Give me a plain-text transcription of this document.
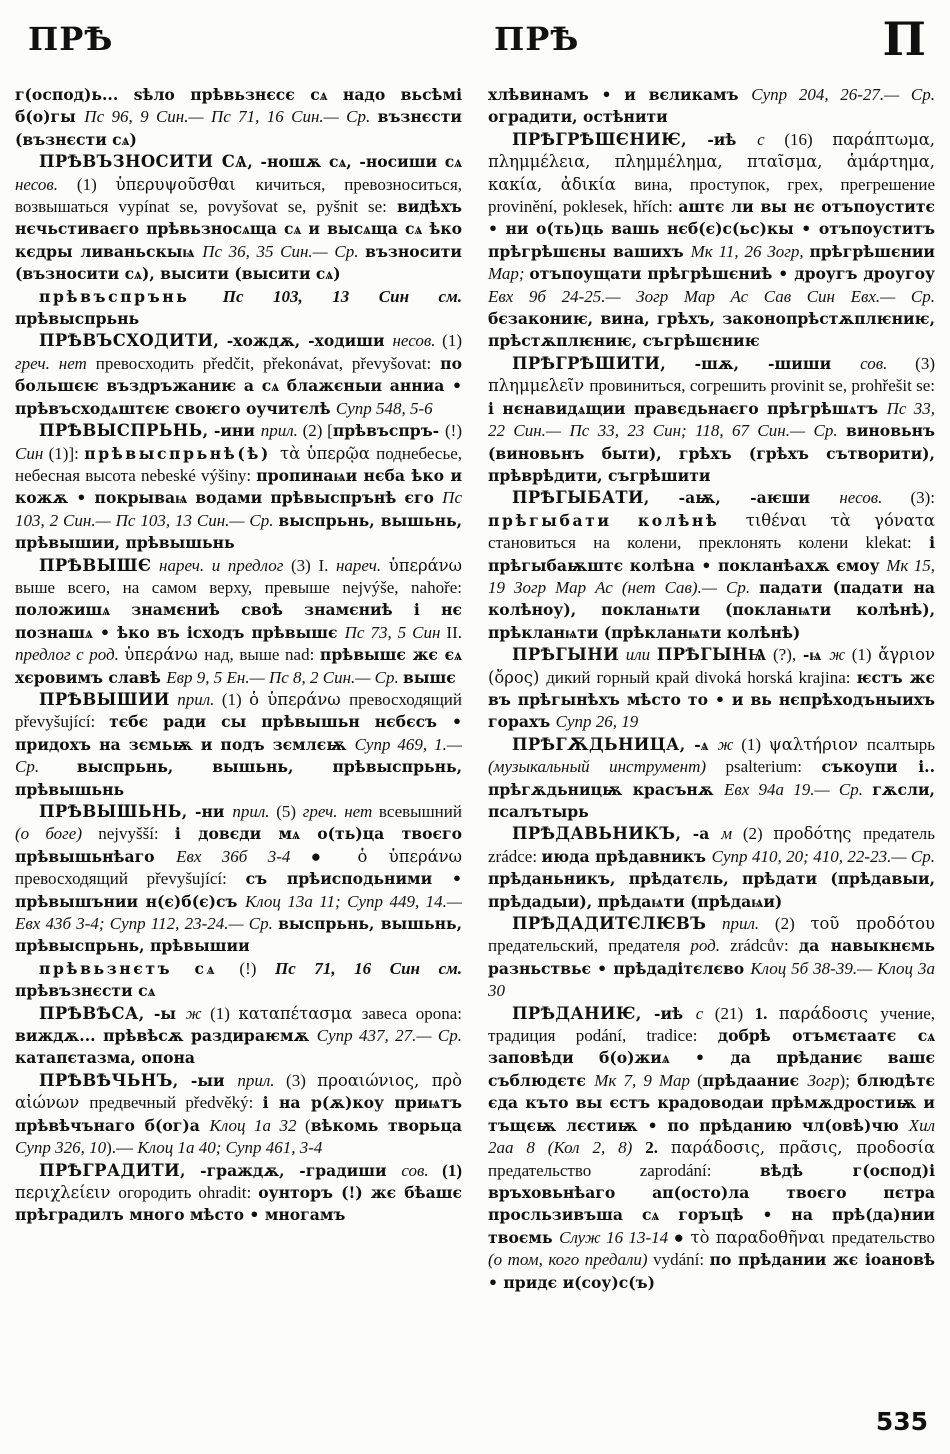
ПРѢ	ПРѢ	П

г(оспод)ь... ѕѣло прѣвьзнєсє сѧ надо вьсѣмі б(о)гы Пс 96, 9 Син.— Пс 71, 16 Син.— Ср. възнєсти (възнєсти сѧ)

ПРѢВЪЗНОСИТИ СѦ, -ношѫ сѧ, -носиши сѧ несов. (1) ὑπερυψοῦσθαι кичиться, превозноситься, возвышаться vypínat se, povyšovat se, pyšnit se: видѣхъ нєчьстиваєго прѣвьзносѧща сѧ и высѧща сѧ ѣко кєдры ливаньскыѩ Пс 36, 35 Син.— Ср. възносити (възносити сѧ), высити (высити сѧ)

прѣвъспрънь Пс 103, 13 Син см. прѣвыспрьнь

ПРѢВЪСХОДИТИ, -хождѫ, -ходиши несов. (1) греч. нет превосходить předčit, překonávat, převyšovat: по большєѥ въздръжаниѥ а сѧ блажєныи анниа • прѣвъсходѧштєѥ своѥго оучитєлѣ Супр 548, 5-6

ПРѢВЫСПРЬНЬ, -ини прил. (2) [прѣвъспръ- (!) Син (1)]: прѣвыспрьнѣ(ѣ) τὰ ὑπερῷα поднебесье, небесная высота nebeské výšiny: пропинаѩи нєба ѣко и кожѫ • покрываѩ водами прѣвыспрънѣ єго Пс 103, 2 Син.— Пс 103, 13 Син.— Ср. выспрьнь, вышьнь, прѣвышии, прѣвышьнь

ПРѢВЫШЄ нареч. и предлог (3) I. нареч. ὑπεράνω выше всего, на самом верху, превыше nejvýše, nahoře: положишѧ знамєниѣ своѣ знамєниѣ і нє познашѧ • ѣко въ ісходъ прѣвышє Пс 73, 5 Син II. предлог с род. ὑπεράνω над, выше nad: прѣвышє жє єѧ хєровимъ славѣ Евр 9, 5 Ен.— Пс 8, 2 Син.— Ср. вышє

ПРѢВЫШИИ прил. (1) ὁ ὑπεράνω превосходящий převyšující: тєбє ради сы прѣвышьн нєбєсъ • придохъ на зємьѭ и подъ зємлєѭ Супр 469, 1.— Ср. выспрьнь, вышьнь, прѣвыспрьнь, прѣвышьнь

ПРѢВЫШЬНЬ, -ни прил. (5) греч. нет всевышний (о боге) nejvyšší: і довєди мѧ о(ть)ца твоєго прѣвышьнѣаго Евх 36б 3-4 ● ὁ ὑπεράνω превосходящий převyšující: съ прѣисподьними • прѣвышънии н(є)б(є)съ Клоц 13а 11; Супр 449, 14.— Евх 43б 3-4; Супр 112, 23-24.— Ср. выспрьнь, вышьнь, прѣвыспрьнь, прѣвышии

прѣвьзнєтъ сѧ (!) Пс 71, 16 Син см. прѣвъзнєсти сѧ

ПРѢВѢСА, -ы ж (1) καταπέτασμα завеса opona: виждѫ... прѣвѣсѫ раздираѥмѫ Супр 437, 27.— Ср. катапєтазма, опона

ПРѢВѢЧЬНЪ, -ыи прил. (3) προαιώνιος, πρὸ αἰώνων предвечный předvěký: і на р(ѫ)коу приѩтъ прѣвѣчънаго б(ог)а Клоц 1а 32 (вѣкомь творьца Супр 326, 10).— Клоц 1а 40; Супр 461, 3-4

ПРѢГРАДИТИ, -граждѫ, -градиши сов. (1) περιχλείειν огородить ohradit: оунторъ (!) жє бѣашє прѣградилъ много мѣсто • многамъ

хлѣвинамъ • и вєликамъ Супр 204, 26-27.— Ср. оградити, остѣнити

ПРѢГРѢШЄНИѤ, -иѣ с (16) παράπτωμα, πλημμέλεια, πλημμέλημα, πταῖσμα, ἁμάρτημα, κακία, ἀδικία вина, проступок, грех, прегрешение provinění, poklesek, hřích: аштє ли вы нє отъпоуститє • ни о(ть)ць вашь нєб(є)с(ьс)кы • отъпоуститъ прѣгрѣшєны вашихъ Мк 11, 26 Зогр, прѣгрѣшєнии Мар; отъпоущати прѣгрѣшєниѣ • дроугъ дроугоу Евх 9б 24-25.— Зогр Мар Ас Сав Син Евх.— Ср. бєзакониѥ, вина, грѣхъ, законопрѣстѫплѥниѥ, прѣстѫплѥниѥ, съгрѣшєниѥ

ПРѢГРѢШИТИ, -шѫ, -шиши сов. (3) πλημμελεῖν провиниться, согрешить provinit se, prohřešit se: і нєнавидѧщии правєдьнаєго прѣгрѣшѧтъ Пс 33, 22 Син.— Пс 33, 23 Син; 118, 67 Син.— Ср. виновьнъ (виновьнъ быти), грѣхъ (грѣхъ сътворити), прѣврѣдити, съгрѣшити

ПРѢГЫБАТИ, -аѭ, -аѥши несов. (3): прѣгыбати колѣнѣ τιθέναι τὰ γόνατα становиться на колени, преклонять колени klekat: і прѣгыбаѭштє колѣна • покланѣахѫ ємоу Мк 15, 19 Зогр Мар Ас (нет Сав).— Ср. падати (падати на колѣноу), покланѩти (покланѩти колѣнѣ), прѣкланѩти (прѣкланѩти колѣнѣ)

ПРѢГЫНИ или ПРѢГЫНѨ (?), -ѩ ж (1) ἄγριον (ὄρος) дикий горный край divoká horská krajina: ѥстъ жє въ прѣгынѣхъ мѣсто то • и вь нєпрѣходъныихъ горахъ Супр 26, 19

ПРѢГѪДЬНИЦА, -ѧ ж (1) ψαλτήριον псалтырь (музыкальный инструмент) psalterium: съкоупи і.. прѣгѫдьницѭ красънѫ Евх 94а 19.— Ср. гѫсли, псалътырь

ПРѢДАВЬНИКЪ, -а м (2) προδότης предатель zrádce: июда прѣдавникъ Супр 410, 20; 410, 22-23.— Ср. прѣданьникъ, прѣдатєль, прѣдати (прѣдавыи, прѣдадыи), прѣдаѩти (прѣдаѩи)

ПРѢДАДИТЄЛѤВЪ прил. (2) τοῦ προδότου предательский, предателя род. zrádcův: да навыкнємь разньствьє • прѣдадітєлєво Клоц 5б 38-39.— Клоц 3а 30

ПРѢДАНИѤ, -иѣ с (21) 1. παράδοσις учение, традиция podání, tradice: добрѣ отъмєтаатє сѧ заповѣди б(о)жиѧ • да прѣданиє вашє съблюдєтє Мк 7, 9 Мар (прѣдааниє Зогр); блюдѣтє єда къто вы єстъ крадоводаи прѣмѫдростиѭ и тъщєѭ лєстиѭ • по прѣданию чл(овѣ)чю Хил 2аа 8 (Кол 2, 8) 2. παράδοσις, πρᾶσις, προδοσία предательство zaprodání: вѣдѣ г(оспод)і връховьнѣаго ап(осто)ла твоєго пєтра просльзивъша сѧ горъцѣ • на прѣ(да)нии твоємь Служ 16 13-14 ● τὸ παραδοθῆναι предательство (о том, кого предали) vydání: по прѣдании жє іоановѣ • придє и(соу)с(ъ)

535
